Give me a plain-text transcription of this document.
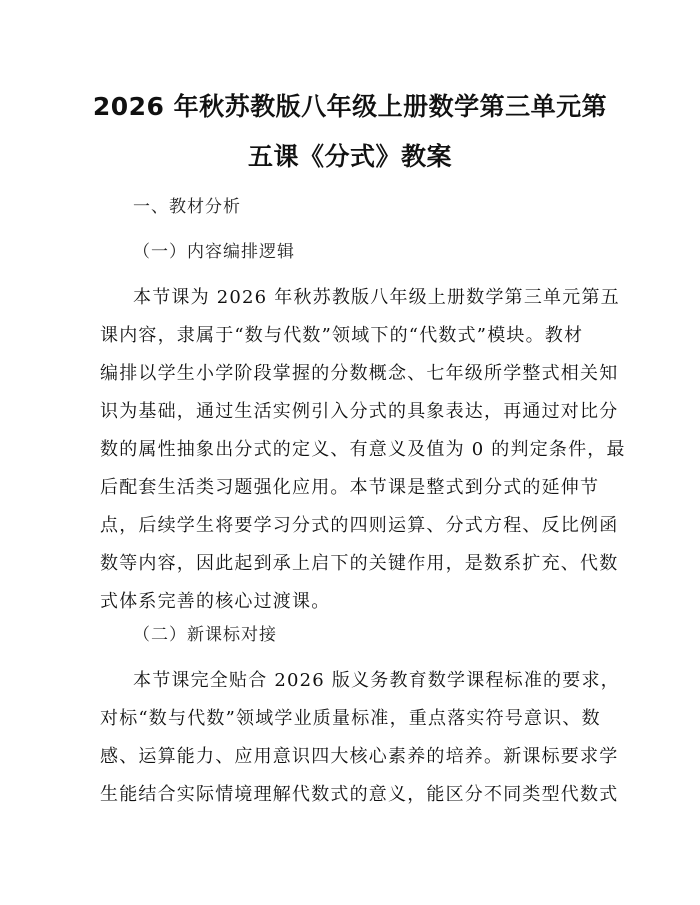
2026 年秋苏教版八年级上册数学第三单元第
五课《分式》教案
一、教材分析
（一）内容编排逻辑
本节课为 2026 年秋苏教版八年级上册数学第三单元第五
课内容，隶属于“数与代数”领域下的“代数式”模块。教材
编排以学生小学阶段掌握的分数概念、七年级所学整式相关知
识为基础，通过生活实例引入分式的具象表达，再通过对比分
数的属性抽象出分式的定义、有意义及值为 0 的判定条件，最
后配套生活类习题强化应用。本节课是整式到分式的延伸节
点，后续学生将要学习分式的四则运算、分式方程、反比例函
数等内容，因此起到承上启下的关键作用，是数系扩充、代数
式体系完善的核心过渡课。
（二）新课标对接
本节课完全贴合 2026 版义务教育数学课程标准的要求，
对标“数与代数”领域学业质量标准，重点落实符号意识、数
感、运算能力、应用意识四大核心素养的培养。新课标要求学
生能结合实际情境理解代数式的意义，能区分不同类型代数式
